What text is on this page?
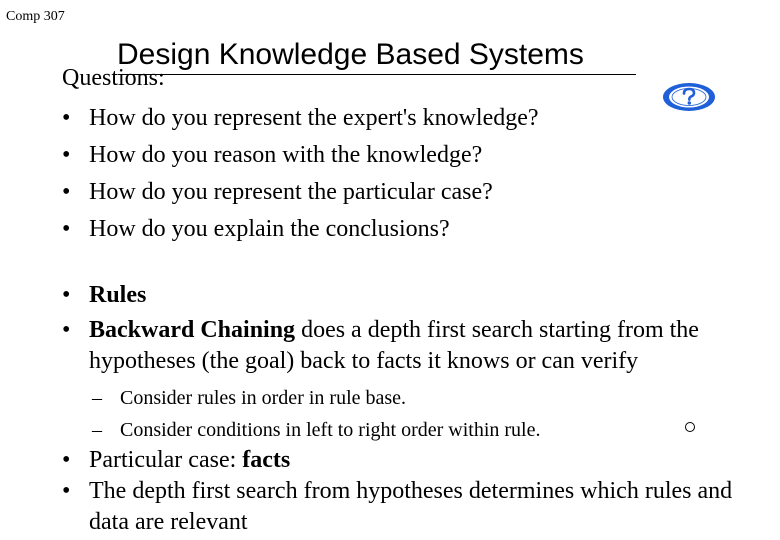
Comp 307
Design Knowledge Based Systems
Questions:
• How do you represent the expert's knowledge?
• How do you reason with the knowledge?
• How do you represent the particular case?
• How do you explain the conclusions?
• Rules
• Backward Chaining does a depth first search starting from the hypotheses (the goal) back to facts it knows or can verify
– Consider rules in order in rule base.
– Consider conditions in left to right order within rule.
• Particular case: facts
• The depth first search from hypotheses determines which rules and data are relevant
